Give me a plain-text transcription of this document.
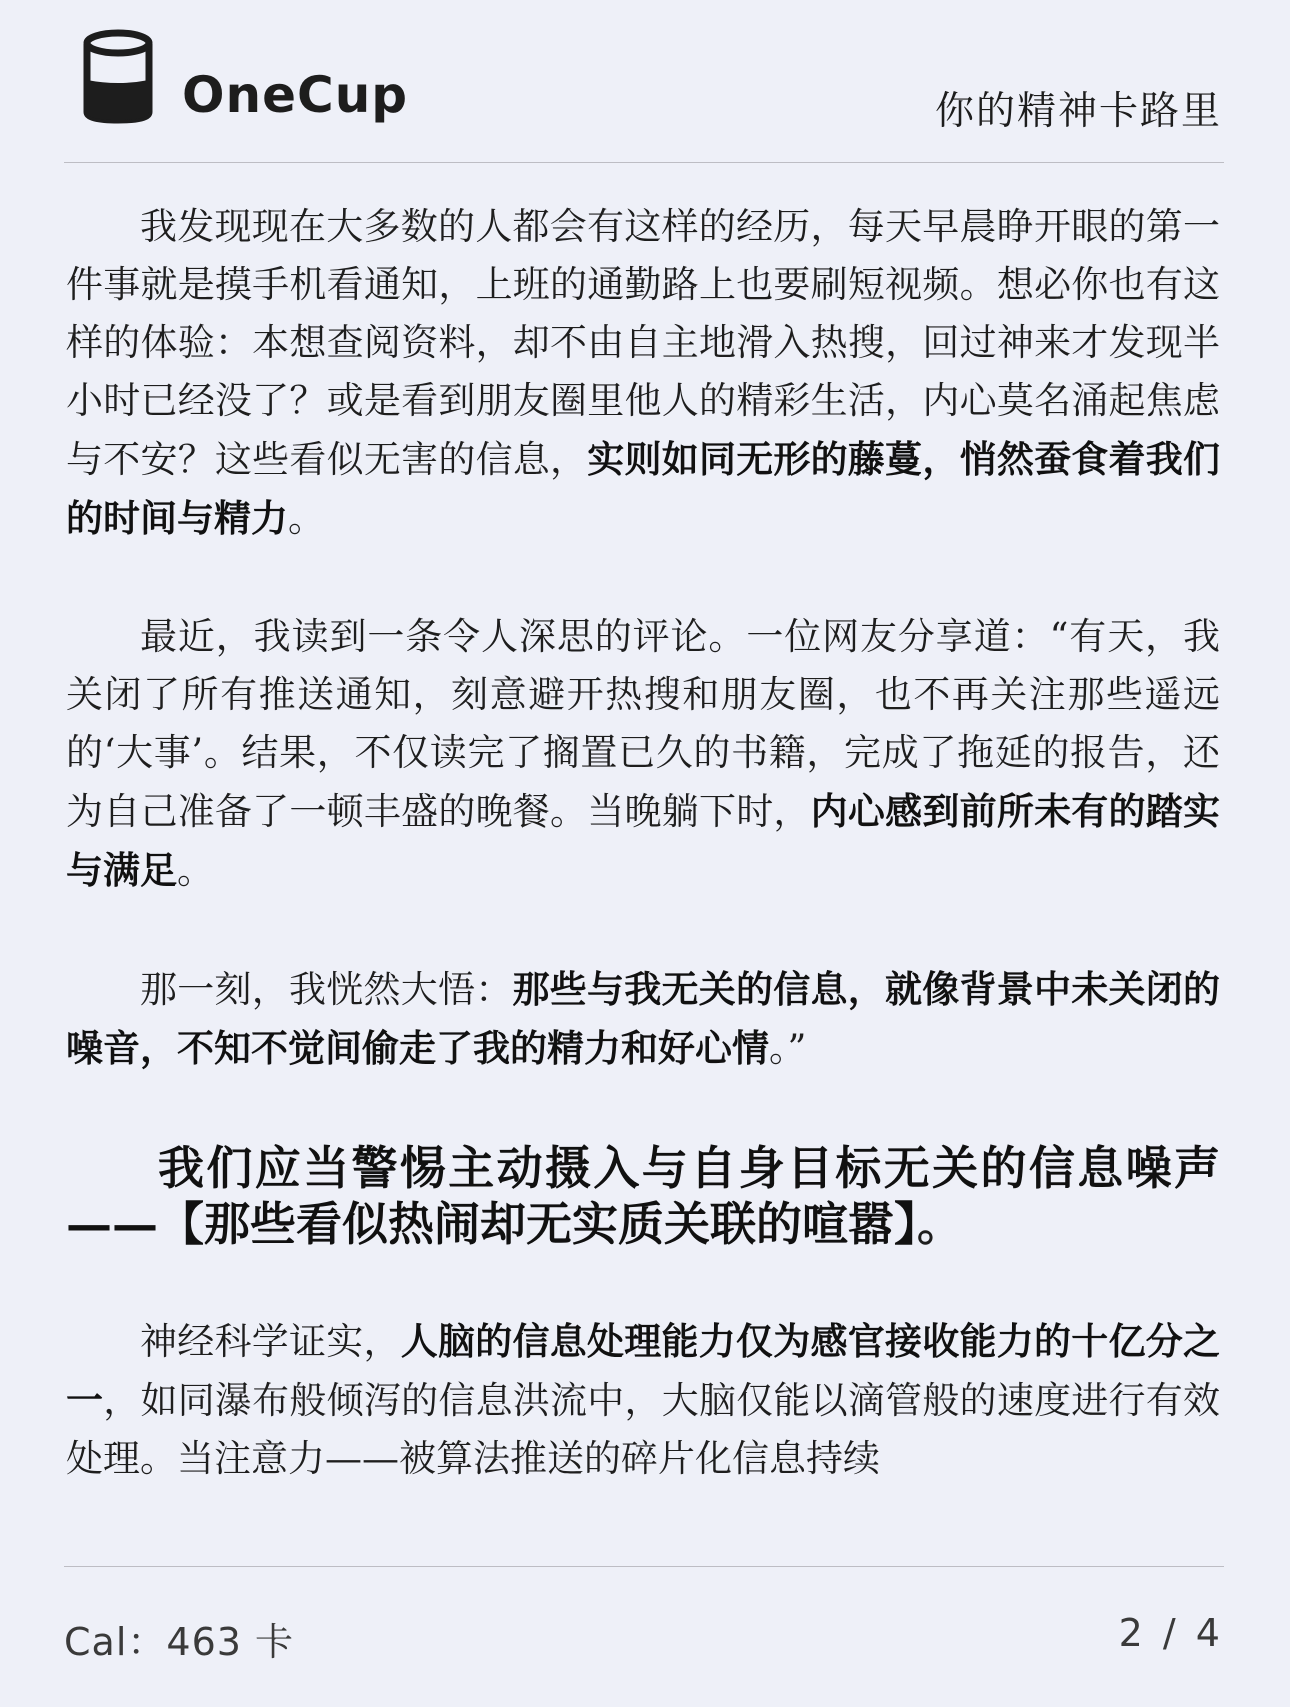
OneCup	你的精神卡路里

我发现现在大多数的人都会有这样的经历，每天早晨睁开眼的第一件事就是摸手机看通知，上班的通勤路上也要刷短视频。想必你也有这样的体验：本想查阅资料，却不由自主地滑入热搜，回过神来才发现半小时已经没了？或是看到朋友圈里他人的精彩生活，内心莫名涌起焦虑与不安？这些看似无害的信息，实则如同无形的藤蔓，悄然蚕食着我们的时间与精力。

最近，我读到一条令人深思的评论。一位网友分享道：“有天，我关闭了所有推送通知，刻意避开热搜和朋友圈，也不再关注那些遥远的‘大事’。结果，不仅读完了搁置已久的书籍，完成了拖延的报告，还为自己准备了一顿丰盛的晚餐。当晚躺下时，内心感到前所未有的踏实与满足。

那一刻，我恍然大悟：那些与我无关的信息，就像背景中未关闭的噪音，不知不觉间偷走了我的精力和好心情。”

我们应当警惕主动摄入与自身目标无关的信息噪声——【那些看似热闹却无实质关联的喧嚣】。

神经科学证实，人脑的信息处理能力仅为感官接收能力的十亿分之一，如同瀑布般倾泻的信息洪流中，大脑仅能以滴管般的速度进行有效处理。当注意力——被算法推送的碎片化信息持续

Cal：463 卡	2 / 4
